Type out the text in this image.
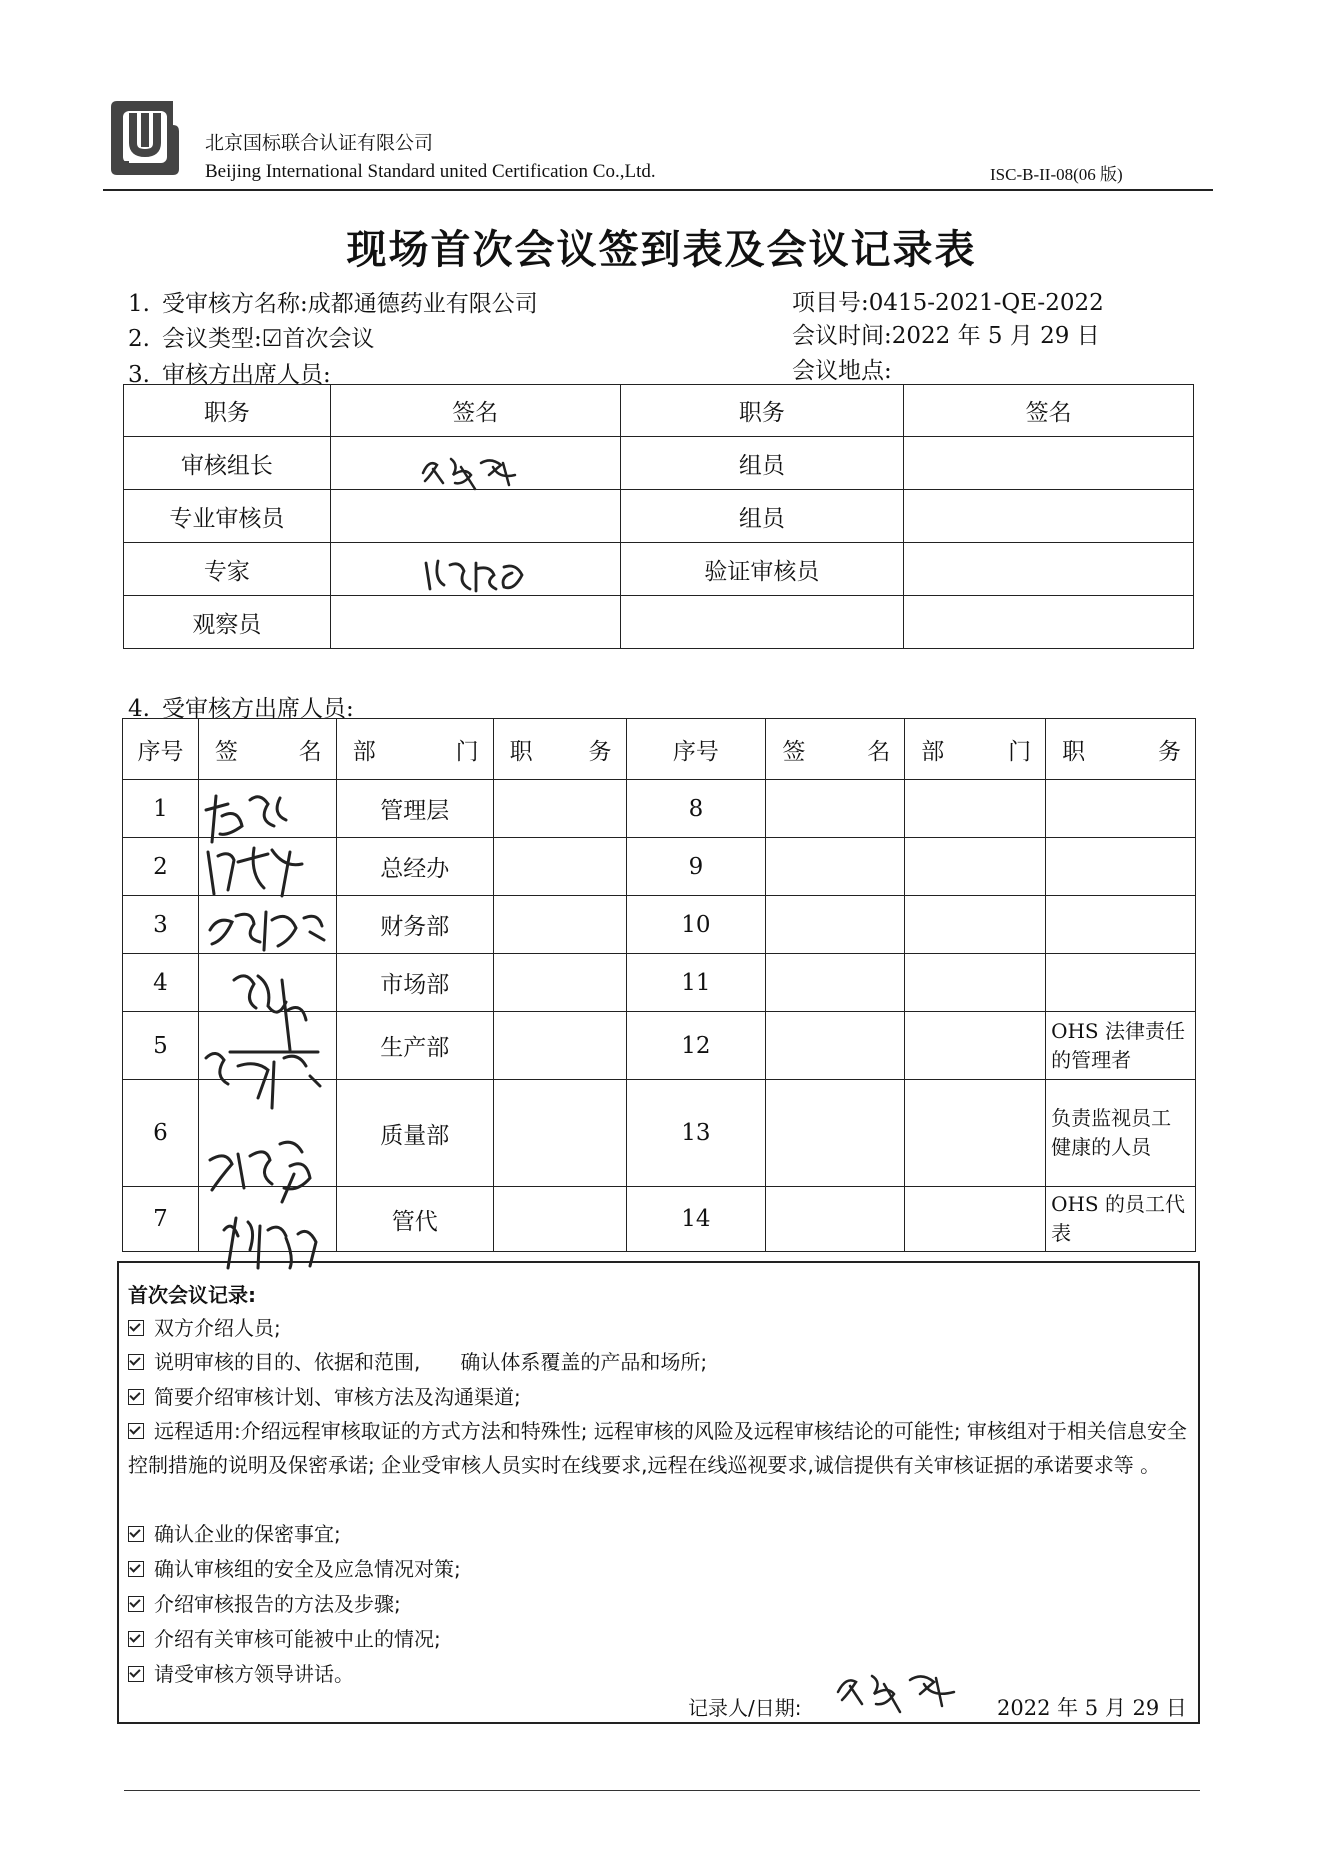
北京国标联合认证有限公司
Beijing International Standard united Certification Co.,Ltd.	ISC-B-II-08(06 版)
现场首次会议签到表及会议记录表
1. 受审核方名称:成都通德药业有限公司
2. 会议类型:☑首次会议
3. 审核方出席人员:
项目号:0415-2021-QE-2022
会议时间:2022 年 5 月 29 日
会议地点:
职务	签名	职务	签名
审核组长		组员	
专业审核员		组员	
专家		验证审核员	
观察员			
4. 受审核方出席人员:
序号	签 名	部 门	职 务	序号	签 名	部 门	职 务

1		管理层		8			
2		总经办		9			
3		财务部		10			
4		市场部		11			
5		生产部		12			OHS 法律责任的管理者
6		质量部		13			负责监视员工健康的人员
7		管代		14			OHS 的员工代表
首次会议记录:
双方介绍人员;
说明审核的目的、依据和范围,　　确认体系覆盖的产品和场所;
简要介绍审核计划、审核方法及沟通渠道;
远程适用:介绍远程审核取证的方式方法和特殊性; 远程审核的风险及远程审核结论的可能性; 审核组对于相关信息安全控制措施的说明及保密承诺; 企业受审核人员实时在线要求,远程在线巡视要求,诚信提供有关审核证据的承诺要求等 。
确认企业的保密事宜;
确认审核组的安全及应急情况对策;
介绍审核报告的方法及步骤;
介绍有关审核可能被中止的情况;
请受审核方领导讲话。
记录人/日期:	2022 年 5 月 29 日
